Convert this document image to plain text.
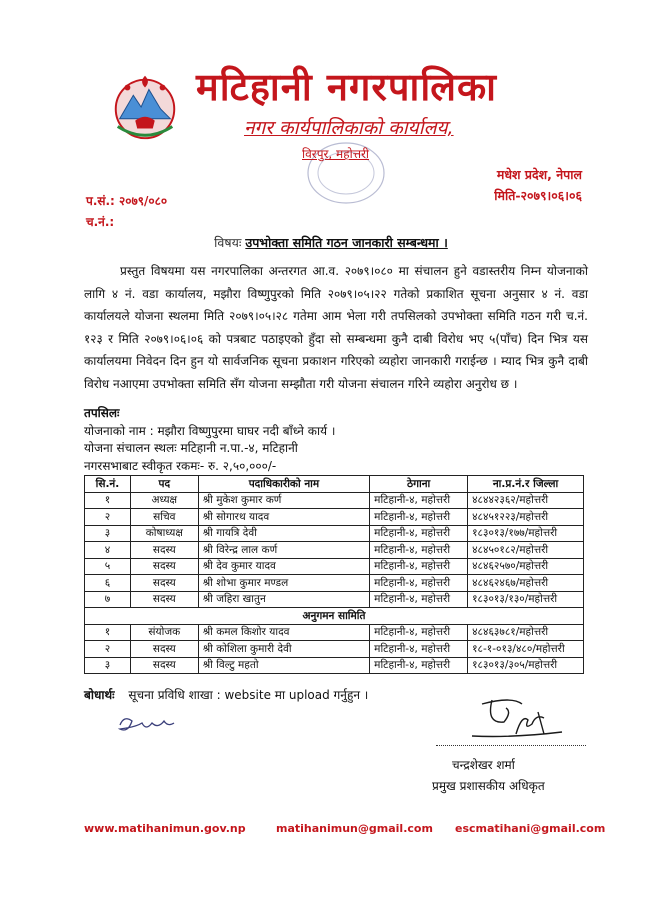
मटिहानी नगरपालिका
नगर कार्यपालिकाको कार्यालय,
विरपुर, महोत्तरी
मधेश प्रदेश, नेपाल
मिति-२०७९।०६।०६
प.सं.: २०७९/०८०
च.नं.:
विषयः उपभोक्ता समिति गठन जानकारी सम्बन्धमा ।
प्रस्तुत विषयमा यस नगरपालिका अन्तरगत आ.व. २०७९।०८० मा संचालन हुने वडास्तरीय निम्न योजनाको लागि ४ नं. वडा कार्यालय, मझौरा विष्णुपुरको मिति २०७९।०५।२२ गतेको प्रकाशित सूचना अनुसार ४ नं. वडा कार्यालयले योजना स्थलमा मिति २०७९।०५।२८ गतेमा आम भेला गरी तपसिलको उपभोक्ता समिति गठन गरी च.नं. १२३ र मिति २०७९।०६।०६ को पत्रबाट पठाइएको हुँदा सो सम्बन्धमा कुनै दाबी विरोध भए ५(पाँच) दिन भित्र यस कार्यालयमा निवेदन दिन हुन यो सार्वजनिक सूचना प्रकाशन गरिएको व्यहोरा जानकारी गराईन्छ । म्याद भित्र कुनै दाबी विरोध नआएमा उपभोक्ता समिति सँग योजना सम्झौता गरी योजना संचालन गरिने व्यहोरा अनुरोध छ ।
तपसिलः
योजनाको नाम : मझौरा विष्णुपुरमा घाघर नदी बाँध्ने कार्य ।
योजना संचालन स्थलः मटिहानी न.पा.-४, मटिहानी
नगरसभाबाट स्वीकृत रकमः- रु. २,५०,०००/-
सि.नं.	पद	पदाधिकारीको नाम	ठेगाना	ना.प्र.नं.र जिल्ला
१	अध्यक्ष	श्री मुकेश कुमार कर्ण	मटिहानी-४, महोत्तरी	४८४४२३६२/महोत्तरी
२	सचिव	श्री सोगारथ यादव	मटिहानी-४, महोत्तरी	४८४५१२२३/महोत्तरी
३	कोषाध्यक्ष	श्री गायत्रि देवी	मटिहानी-४, महोत्तरी	१८३०१३/१७७/महोत्तरी
४	सदस्य	श्री विरेन्द्र लाल कर्ण	मटिहानी-४, महोत्तरी	४८४५०१८२/महोत्तरी
५	सदस्य	श्री देव कुमार यादव	मटिहानी-४, महोत्तरी	४८४६२५७०/महोत्तरी
६	सदस्य	श्री शोभा कुमार मण्डल	मटिहानी-४, महोत्तरी	४८४६२४६७/महोत्तरी
७	सदस्य	श्री जहिरा खातुन	मटिहानी-४, महोत्तरी	१८३०१३/१३०/महोत्तरी
अनुगमन सामिति				
१	संयोजक	श्री कमल किशोर यादव	मटिहानी-४, महोत्तरी	४८४६३७८१/महोत्तरी
२	सदस्य	श्री कोशिला कुमारी देवी	मटिहानी-४, महोत्तरी	१८-१-०१३/४८०/महोत्तरी
३	सदस्य	श्री विल्टु महतो	मटिहानी-४, महोत्तरी	१८३०१३/३०५/महोत्तरी
बोधार्थः सूचना प्रविधि शाखा : website मा upload गर्नुहुन ।
चन्द्रशेखर शर्मा
प्रमुख प्रशासकीय अधिकृत
www.matihanimun.gov.np	matihanimun@gmail.com escmatihani@gmail.com
